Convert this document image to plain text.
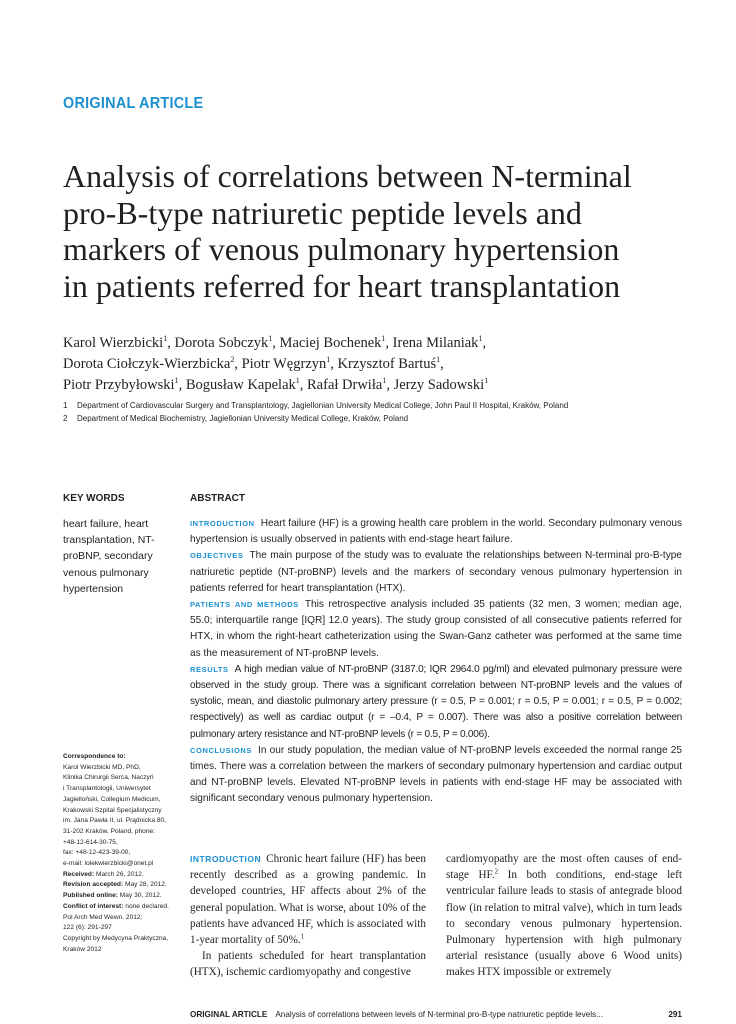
ORIGINAL ARTICLE
Analysis of correlations between N-terminal
pro-B-type natriuretic peptide levels and
markers of venous pulmonary hypertension
in patients referred for heart transplantation
Karol Wierzbicki$^1$, Dorota Sobczyk$^1$, Maciej Bochenek$^1$, Irena Milaniak$^1$,
Dorota Ciołczyk-Wierzbicka$^2$, Piotr Węgrzyn$^1$, Krzysztof Bartuś$^1$,
Piotr Przybyłowski$^1$, Bogusław Kapelak$^1$, Rafał Drwiła$^1$, Jerzy Sadowski$^1$
1 Department of Cardiovascular Surgery and Transplantology, Jagiellonian University Medical College, John Paul II Hospital, Kraków, Poland
2 Department of Medical Biochemistry, Jagiellonian University Medical College, Kraków, Poland
KEY WORDS
heart failure, heart transplantation, NT-proBNP, secondary venous pulmonary hypertension
ABSTRACT

INTRODUCTION Heart failure (HF) is a growing health care problem in the world. Secondary pulmonary venous hypertension is usually observed in patients with end-stage heart failure.

OBJECTIVES The main purpose of the study was to evaluate the relationships between N-terminal pro-B-type natriuretic peptide (NT-proBNP) levels and the markers of secondary venous pulmonary hypertension in patients referred for heart transplantation (HTX).

PATIENTS AND METHODS This retrospective analysis included 35 patients (32 men, 3 women; median age, 55.0; interquartile range [IQR] 12.0 years). The study group consisted of all consecutive patients referred for HTX, in whom the right-heart catheterization using the Swan-Ganz catheter was performed at the same time as the measurement of NT-proBNP levels.

RESULTS A high median value of NT-proBNP (3187.0; IQR 2964.0 pg/ml) and elevated pulmonary pressure were observed in the study group. There was a significant correlation between NT-proBNP levels and the values of systolic, mean, and diastolic pulmonary artery pressure (r = 0.5, P = 0.001; r = 0.5, P = 0.001; r = 0.5, P = 0.002; respectively) as well as cardiac output (r = –0.4, P = 0.007). There was also a positive correlation between pulmonary artery resistance and NT-proBNP levels (r = 0.5, P = 0.006).

CONCLUSIONS In our study population, the median value of NT-proBNP levels exceeded the normal range 25 times. There was a correlation between the markers of secondary pulmonary hypertension and cardiac output and NT-proBNP levels. Elevated NT-proBNP levels in patients with end-stage HF may be associated with significant secondary venous pulmonary hypertension.

Correspondence to:
Karol Wierzbicki MD, PhD,
Klinika Chirurgii Serca, Naczyń
i Transplantologii, Uniwersytet
Jagielloński, Collegium Medicum,
Krakowski Szpital Specjalistyczny
im. Jana Pawła II, ul. Prądnicka 80,
31-202 Kraków, Poland, phone:
+48-12-614-30-75,
fax: +48-12-423-39-00,
e-mail: lolekwierzbicki@onet.pl
Received: March 26, 2012.
Revision accepted: May 28, 2012.
Published online: May 30, 2012.
Conflict of interest: none declared.
Pol Arch Med Wewn. 2012;
122 (6): 291-297
Copyright by Medycyna Praktyczna,
Kraków 2012

INTRODUCTION Chronic heart failure (HF) has been recently described as a growing pandemic. In developed countries, HF affects about 2% of the general population. What is worse, about 10% of the patients have advanced HF, which is associated with 1-year mortality of 50%.$^1$

In patients scheduled for heart transplantation (HTX), ischemic cardiomyopathy and congestive

cardiomyopathy are the most often causes of end-stage HF.$^2$ In both conditions, end-stage left ventricular failure leads to stasis of antegrade blood flow (in relation to mitral valve), which in turn leads to secondary venous pulmonary hypertension. Pulmonary hypertension with high pulmonary arterial resistance (usually above 6 Wood units) makes HTX impossible or extremely

ORIGINAL ARTICLE Analysis of correlations between levels of N-terminal pro-B-type natriuretic peptide levels...	291
